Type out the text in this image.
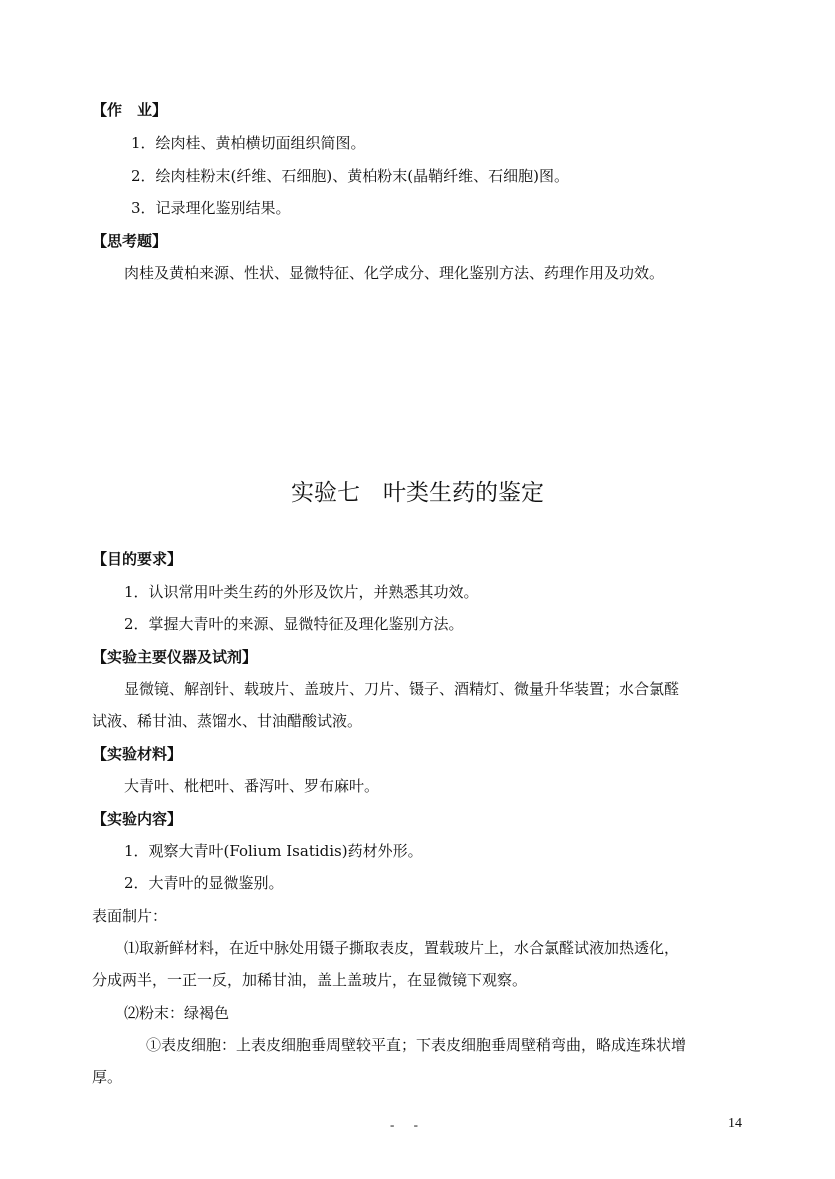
【作　业】
1．绘肉桂、黄柏横切面组织简图。
2．绘肉桂粉末(纤维、石细胞)、黄柏粉末(晶鞘纤维、石细胞)图。
3．记录理化鉴别结果。
【思考题】
肉桂及黄柏来源、性状、显微特征、化学成分、理化鉴别方法、药理作用及功效。
实验七　叶类生药的鉴定
【目的要求】
1．认识常用叶类生药的外形及饮片，并熟悉其功效。
2．掌握大青叶的来源、显微特征及理化鉴别方法。
【实验主要仪器及试剂】
显微镜、解剖针、载玻片、盖玻片、刀片、镊子、酒精灯、微量升华装置；水合氯醛
试液、稀甘油、蒸馏水、甘油醋酸试液。
【实验材料】
大青叶、枇杷叶、番泻叶、罗布麻叶。
【实验内容】
1．观察大青叶(Folium Isatidis)药材外形。
2．大青叶的显微鉴别。
表面制片：
⑴取新鲜材料，在近中脉处用镊子撕取表皮，置载玻片上，水合氯醛试液加热透化，
分成两半，一正一反，加稀甘油，盖上盖玻片，在显微镜下观察。
⑵粉末：绿褐色
①表皮细胞：上表皮细胞垂周壁较平直；下表皮细胞垂周壁稍弯曲，略成连珠状增
厚。
- -	14
